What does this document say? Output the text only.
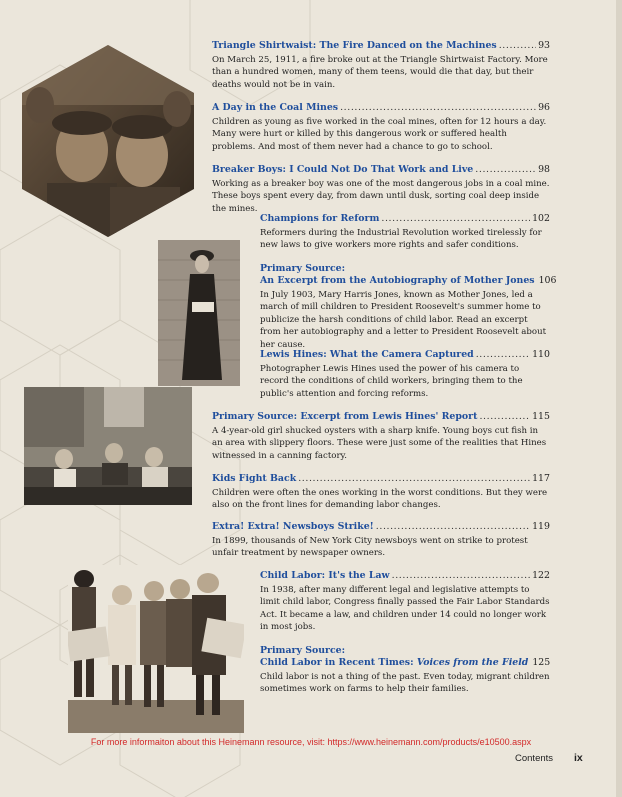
Triangle Shirtwaist: The Fire Danced on the Machines .....	93
On March 25, 1911, a fire broke out at the Triangle Shirtwaist Factory. More than a hundred women, many of them teens, would die that day, but their deaths would not be in vain.
A Day in the Coal Mines .....	96
Children as young as five worked in the coal mines, often for 12 hours a day. Many were hurt or killed by this dangerous work or suffered health problems. And most of them never had a chance to go to school.
Breaker Boys: I Could Not Do That Work and Live .....	98
Working as a breaker boy was one of the most dangerous jobs in a coal mine. These boys spent every day, from dawn until dusk, sorting coal deep inside the mines.
Champions for Reform .....	102
Reformers during the Industrial Revolution worked tirelessly for new laws to give workers more rights and safer conditions.
Primary Source:
An Excerpt from the Autobiography of Mother Jones 106
In July 1903, Mary Harris Jones, known as Mother Jones, led a march of mill children to President Roosevelt's summer home to publicize the harsh conditions of child labor. Read an excerpt from her autobiography and a letter to President Roosevelt about her cause.
Lewis Hines: What the Camera Captured .....	110
Photographer Lewis Hines used the power of his camera to record the conditions of child workers, bringing them to the public's attention and forcing reforms.
Primary Source: Excerpt from Lewis Hines' Report .....	115
A 4-year-old girl shucked oysters with a sharp knife. Young boys cut fish in an area with slippery floors. These were just some of the realities that Hines witnessed in a canning factory.
Kids Fight Back .....	117
Children were often the ones working in the worst conditions. But they were also on the front lines for demanding labor changes.
Extra! Extra! Newsboys Strike! .....	119
In 1899, thousands of New York City newsboys went on strike to protest unfair treatment by newspaper owners.
Child Labor: It's the Law .....	122
In 1938, after many different legal and legislative attempts to limit child labor, Congress finally passed the Fair Labor Standards Act. It became a law, and children under 14 could no longer work in most jobs.
Primary Source:
Child Labor in Recent Times: Voices from the Field 125
Child labor is not a thing of the past. Even today, migrant children sometimes work on farms to help their families.
For more informaiton about this Heinemann resource, visit: https://www.heinemann.com/products/e10500.aspx
Contents ix
